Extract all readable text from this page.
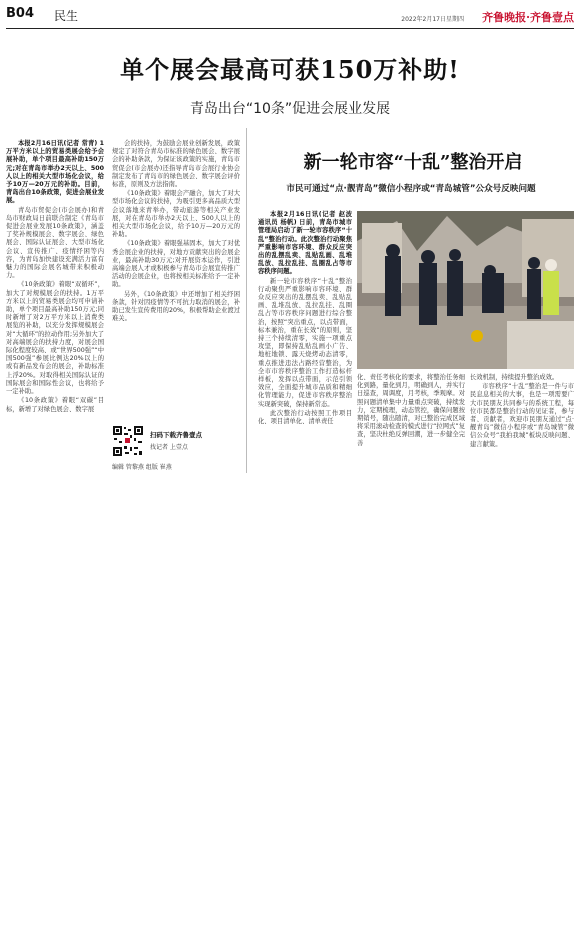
B04 民生	2022年2月17日 星期四 齐鲁晚报·齐鲁壹点
单个展会最高可获150万补助!
青岛出台“10条”促进会展业发展

本报2月16日讯(记者 常青) 1万平方米以上的贸易类展会给予会展补助，单个项目最高补助150万元;对在青岛市举办2天以上、500人以上的相关大型市场化会议，给予10万—20万元的补助。目前，青岛出台10条政策，促进会展业发展。

青岛市贸促会(市会展办)和青岛市财政局日前联合制定《青岛市促进会展业发展10条政策》，涵盖了奖补规模展会、数字展会、绿色展会、国际认证展会、大型市场化会议、宣传推广、疫情纾困等内容，为青岛加快建设充满活力富有魅力的国际会展名城带来积极动力。

《10条政策》着眼“双循环”，加大了对规模展会的扶持。1万平方米以上的贸易类展会均可申请补助，单个项目最高补助150万元;同时新增了对2万平方米以上消费类展览的补助，以充分发挥规模展会对“大循环”的拉动作用;另外加大了对高端展会的扶持力度，对展会国际化程度较高、或“世界500强”“中国500强”参展比例达20%以上的或有新品发布会的展会，补助标准上浮20%。对取得相关国际认证的国际展会和国际性会议，也将给予一定补助。

《10条政策》着眼“双碳”目标，新增了对绿色展会、数字展

会的扶持，为鼓励会展业创新发展，政策规定了对符合青岛市标准的绿色展会、数字展会的补助条款，为保证该政策的实施，青岛市贸促会(市会展办)还指导青岛市会展行业协会制定发布了青岛市的绿色展会、数字展会评价标准，原则及方法指南。

《10条政策》着眼会产融合，加大了对大型市场化会议的扶持，为吸引更多高品质大型会议落地来青举办，带动旅游等相关产业发展，对在青岛市举办2天以上、500人以上的相关大型市场化会议，给予10万—20万元的补助。

《10条政策》着眼强基固本，加大了对优秀会展企业的扶持，对地方贡献突出的会展企业，最高补助30万元;对开展资本运作，引进高端会展人才或积极参与青岛市会展宣传推广活动的会展企业，也将按相关标准给予一定补助。

另外，《10条政策》中还增加了相关纾困条款，针对因疫情等不可抗力取消的展会，补助已发生宣传费用的20%，积极帮助企业渡过难关。

扫码下载齐鲁壹点
找记者 上壹点
编辑 管黎燕 组版 崔燕
新一轮市容“十乱”整治开启
市民可通过“点·靓青岛”微信小程序或“青岛城管”公众号反映问题

本报2月16日讯(记者 赵波 通讯员 杨帆) 日前，青岛市城市管理局启动了新一轮市容秩序“十乱”整治行动。此次整治行动聚焦严重影响市容环境、群众反应突出的乱摆乱卖、乱贴乱画、乱堆乱放、乱拉乱挂、乱圈乱占等市容秩序问题。

新一轮市容秩序“十乱”整治行动聚焦严重影响市容环境、群众反应突出的乱摆乱卖、乱贴乱画、乱堆乱放、乱拉乱挂、乱圈乱占等市容秩序问题进行综合整治，按照“突出重点，以点带面，标本兼治，重在长效”的原则，坚持三个持续清零，实施一项重点攻坚，即保持乱贴乱画小广告、地桩地锁、露天烧烤动态清零，重点推进违法占路经营整治，为全市市容秩序整治工作打造标杆样板，发挥以点带面，示范引领效应，全面提升城市品质和精细化管理能力，促进市容秩序整治实现新突破，保持新常态。

此次整治行动按照工作项目化、项目清单化、清单责任

化、责任考核化的要求，将整治任务细化到路，量化到月，明确到人，并实行日巡查，周调度，月考核，季观摩。对照问题清单集中力量重点突破，持续发力，定期梳理，动态管控，确保问题按期销号，随出随清，对已整治完成区域将采用滚动检查的模式进行“拉网式”复查，坚决杜绝反弹回潮，进一步健全完善

长效机制，持续提升整治成效。

市容秩序“十乱”整治是一件与市民息息相关的大事，也是一项需要广大市民朋友共同参与的系统工程，每位市民都是整治行动的见证者，参与者、贡献者，欢迎市民朋友通过“点·靓青岛”微信小程序或“青岛城管”微信公众号“我拍我城”板块反映问题、建言献策。
